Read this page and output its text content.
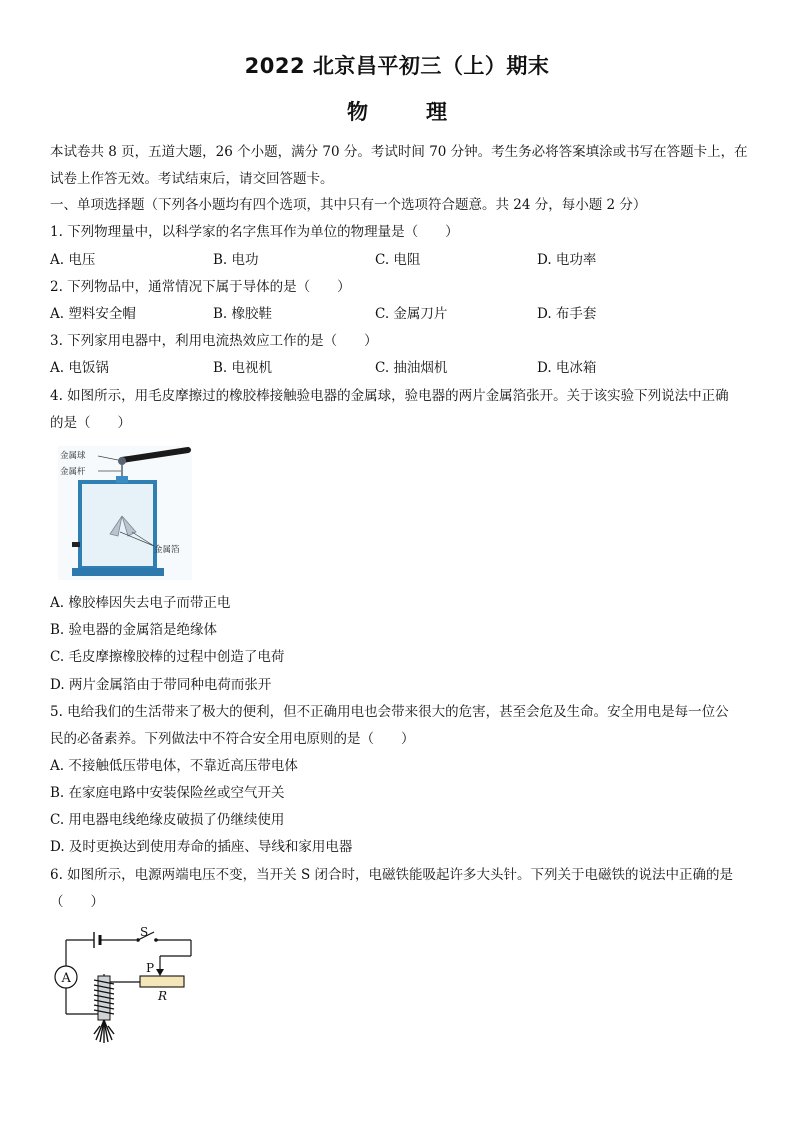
2022 北京昌平初三（上）期末
物理
本试卷共 8 页，五道大题，26 个小题，满分 70 分。考试时间 70 分钟。考生务必将答案填涂或书写在答题卡上，在
试卷上作答无效。考试结束后，请交回答题卡。
一、单项选择题（下列各小题均有四个选项，其中只有一个选项符合题意。共 24 分，每小题 2 分）
1. 下列物理量中，以科学家的名字焦耳作为单位的物理量是（　　）
A. 电压	B. 电功	C. 电阻	D. 电功率
2. 下列物品中，通常情况下属于导体的是（　　）
A. 塑料安全帽	B. 橡胶鞋	C. 金属刀片	D. 布手套
3. 下列家用电器中，利用电流热效应工作的是（　　）
A. 电饭锅	B. 电视机	C. 抽油烟机	D. 电冰箱
4. 如图所示，用毛皮摩擦过的橡胶棒接触验电器的金属球，验电器的两片金属箔张开。关于该实验下列说法中正确
的是（　　）
金属球
金属杆
金属箔
A. 橡胶棒因失去电子而带正电
B. 验电器的金属箔是绝缘体
C. 毛皮摩擦橡胶棒的过程中创造了电荷
D. 两片金属箔由于带同种电荷而张开
5. 电给我们的生活带来了极大的便利，但不正确用电也会带来很大的危害，甚至会危及生命。安全用电是每一位公
民的必备素养。下列做法中不符合安全用电原则的是（　　）
A. 不接触低压带电体，不靠近高压带电体
B. 在家庭电路中安装保险丝或空气开关
C. 用电器电线绝缘皮破损了仍继续使用
D. 及时更换达到使用寿命的插座、导线和家用电器
6. 如图所示，电源两端电压不变，当开关 S 闭合时，电磁铁能吸起许多大头针。下列关于电磁铁的说法中正确的是
（　　）
A
S
P
R
